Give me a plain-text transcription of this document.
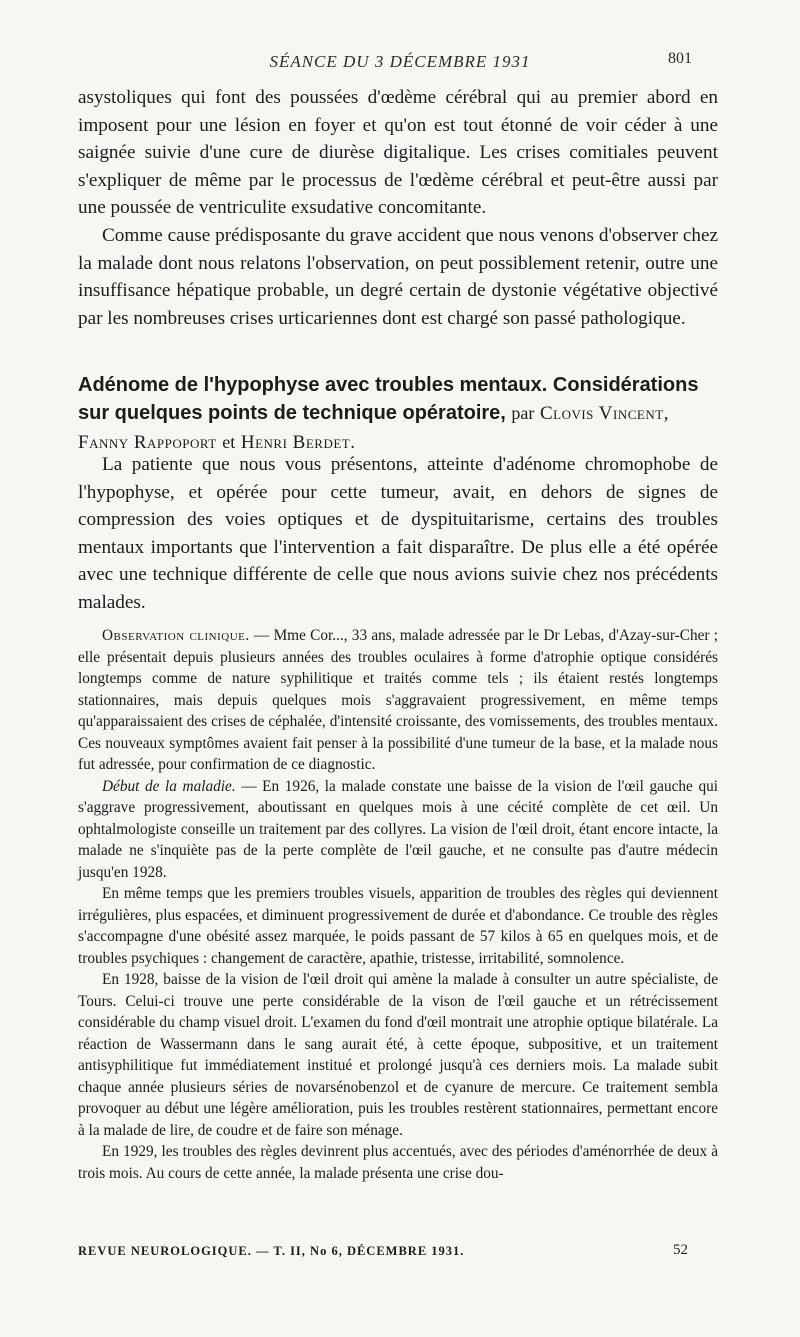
SÉANCE DU 3 DÉCEMBRE 1931	801

asystoliques qui font des poussées d'œdème cérébral qui au premier abord en imposent pour une lésion en foyer et qu'on est tout étonné de voir céder à une saignée suivie d'une cure de diurèse digitalique. Les crises comitiales peuvent s'expliquer de même par le processus de l'œdème cérébral et peut-être aussi par une poussée de ventriculite exsudative concomitante.

Comme cause prédisposante du grave accident que nous venons d'observer chez la malade dont nous relatons l'observation, on peut possiblement retenir, outre une insuffisance hépatique probable, un degré certain de dystonie végétative objectivé par les nombreuses crises urticariennes dont est chargé son passé pathologique.

Adénome de l'hypophyse avec troubles mentaux. Considérations sur quelques points de technique opératoire, par Clovis Vincent, Fanny Rappoport et Henri Berdet.

La patiente que nous vous présentons, atteinte d'adénome chromophobe de l'hypophyse, et opérée pour cette tumeur, avait, en dehors de signes de compression des voies optiques et de dyspituitarisme, certains des troubles mentaux importants que l'intervention a fait disparaître. De plus elle a été opérée avec une technique différente de celle que nous avions suivie chez nos précédents malades.

Observation clinique. — Mme Cor..., 33 ans, malade adressée par le Dr Lebas, d'Azay-sur-Cher ; elle présentait depuis plusieurs années des troubles oculaires à forme d'atrophie optique considérés longtemps comme de nature syphilitique et traités comme tels ; ils étaient restés longtemps stationnaires, mais depuis quelques mois s'aggravaient progressivement, en même temps qu'apparaissaient des crises de céphalée, d'intensité croissante, des vomissements, des troubles mentaux. Ces nouveaux symptômes avaient fait penser à la possibilité d'une tumeur de la base, et la malade nous fut adressée, pour confirmation de ce diagnostic.

Début de la maladie. — En 1926, la malade constate une baisse de la vision de l'œil gauche qui s'aggrave progressivement, aboutissant en quelques mois à une cécité complète de cet œil. Un ophtalmologiste conseille un traitement par des collyres. La vision de l'œil droit, étant encore intacte, la malade ne s'inquiète pas de la perte complète de l'œil gauche, et ne consulte pas d'autre médecin jusqu'en 1928.

En même temps que les premiers troubles visuels, apparition de troubles des règles qui deviennent irrégulières, plus espacées, et diminuent progressivement de durée et d'abondance. Ce trouble des règles s'accompagne d'une obésité assez marquée, le poids passant de 57 kilos à 65 en quelques mois, et de troubles psychiques : changement de caractère, apathie, tristesse, irritabilité, somnolence.

En 1928, baisse de la vision de l'œil droit qui amène la malade à consulter un autre spécialiste, de Tours. Celui-ci trouve une perte considérable de la vison de l'œil gauche et un rétrécissement considérable du champ visuel droit. L'examen du fond d'œil montrait une atrophie optique bilatérale. La réaction de Wassermann dans le sang aurait été, à cette époque, subpositive, et un traitement antisyphilitique fut immédiatement institué et prolongé jusqu'à ces derniers mois. La malade subit chaque année plusieurs séries de novarsénobenzol et de cyanure de mercure. Ce traitement sembla provoquer au début une légère amélioration, puis les troubles restèrent stationnaires, permettant encore à la malade de lire, de coudre et de faire son ménage.

En 1929, les troubles des règles devinrent plus accentués, avec des périodes d'aménorrhée de deux à trois mois. Au cours de cette année, la malade présenta une crise dou-

REVUE NEUROLOGIQUE. — T. II, No 6, DÉCEMBRE 1931.	52
